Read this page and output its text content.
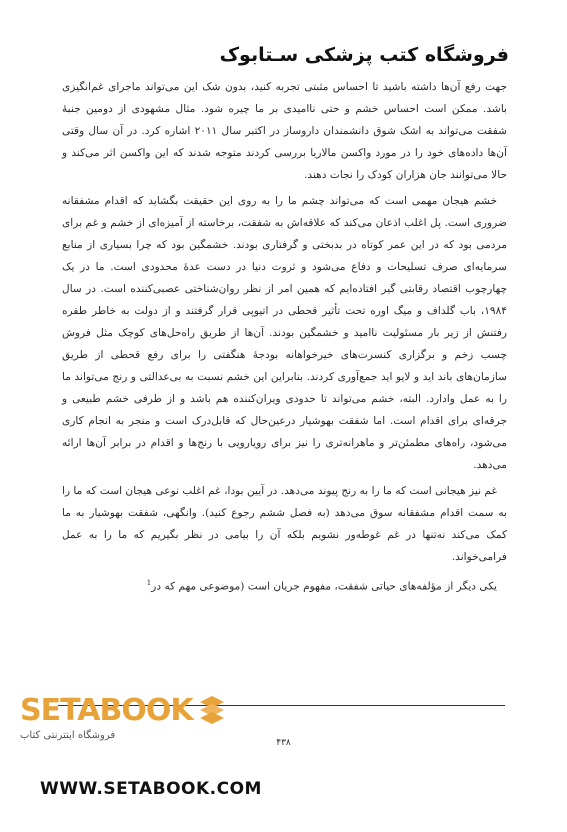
فروشگاه کتب پزشکی سـتابوک

جهت رفع آن‌ها داشته باشید تا احساس مثبتی تجربه کنید، بدون شک این می‌تواند ماجرای غم‌انگیزی باشد. ممکن است احساس خشم و حتی ناامیدی بر ما چیره شود. مثال مشهودی از دومین جنبهٔ شفقت می‌تواند به اشک شوق دانشمندان داروساز در اکتبر سال ۲۰۱۱ اشاره کرد. در آن سال وقتی آن‌ها داده‌های خود را در مورد واکسن مالاریا بررسی کردند متوجه شدند که این واکسن اثر می‌کند و حالا می‌توانند جان هزاران کودک را نجات دهند.

خشم هیجان مهمی است که می‌تواند چشم ما را به روی این حقیقت بگشاید که اقدام مشفقانه ضروری است. پل اغلب اذعان می‌کند که علاقه‌اش به شفقت، برخاسته از آمیزه‌ای از خشم و غم برای مردمی بود که در این عمر کوتاه در بدبختی و گرفتاری بودند. خشمگین بود که چرا بسیاری از منابع سرمایه‌ای صرف تسلیحات و دفاع می‌شود و ثروت دنیا در دست عدهٔ محدودی است. ما در یک چهارچوب اقتصاد رقابتی گیر افتاده‌ایم که همین امر از نظر روان‌شناختی عصبی‌کننده است. در سال ۱۹۸۴، باب گلداف و میگ اوره تحت تأثیر قحطی در اتیوپی قرار گرفتند و از دولت به خاطر طفره رفتنش از زیر بار مسئولیت ناامید و خشمگین بودند. آن‌ها از طریق راه‌حل‌های کوچک مثل فروش چسب زخم و برگزاری کنسرت‌های خیرخواهانه بودجهٔ هنگفتی را برای رفع قحطی از طریق سازمان‌های باند اید و لایو اید جمع‌آوری کردند. بنابراین این خشم نسبت به بی‌عدالتی و رنج می‌تواند ما را به عمل وادارد. البته، خشم می‌تواند تا حدودی ویران‌کننده هم باشد و از طرفی خشم طبیعی و جرقه‌ای برای اقدام است. اما شفقت بهوشیار درعین‌حال که قابل‌درک است و منجر به انجام کاری می‌شود، راه‌های مطمئن‌تر و ماهرانه‌تری را نیز برای رویارویی با رنج‌ها و اقدام در برابر آن‌ها ارائه می‌دهد.

غم نیز هیجانی است که ما را به رنج پیوند می‌دهد. در آیین بودا، غم اغلب نوعی هیجان است که ما را به سمت اقدام مشفقانه سوق می‌دهد (به فصل ششم رجوع کنید). وانگهی، شفقت بهوشیار به ما کمک می‌کند نه‌تنها در غم غوطه‌ور نشویم بلکه آن را بیامی در نظر بگیریم که ما را به عمل فرامی‌خواند.

یکی دیگر از مؤلفه‌های حیاتی شفقت، مفهوم جریان است (موضوعی مهم که در$^1$

SETABOOK
فروشگاه اینترنتی کتاب
۴۳۸
WWW.SETABOOK.COM
